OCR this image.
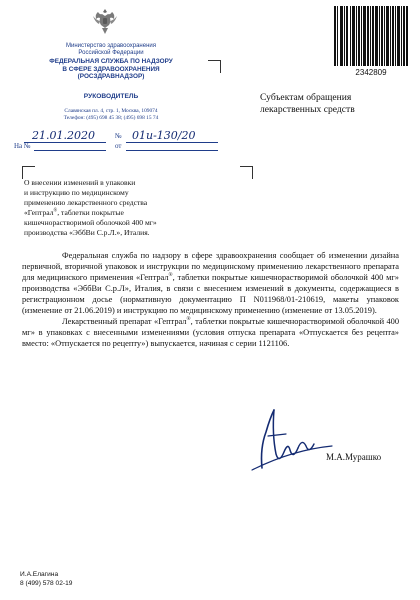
Министерство здравоохранения
Российской Федерации
ФЕДЕРАЛЬНАЯ СЛУЖБА ПО НАДЗОРУ
В СФЕРЕ ЗДРАВООХРАНЕНИЯ
(РОСЗДРАВНАДЗОР)
РУКОВОДИТЕЛЬ
Славянская пл. 4, стр. 1, Москва, 109074
Телефон: (495) 698 45 38; (495) 698 15 74
21.01.2020	№ 01и-130/20
На №	от
2342809
Субъектам обращения
лекарственных средств
О внесении изменений в упаковки
и инструкцию по медицинскому
применению лекарственного средства
«Гептрал®, таблетки покрытые
кишечнорастворимой оболочкой 400 мг»
производства «ЭббВи С.р.Л.», Италия.

Федеральная служба по надзору в сфере здравоохранения сообщает об изменении дизайна первичной, вторичной упаковок и инструкции по медицинскому применению лекарственного препарата для медицинского применения «Гептрал®, таблетки покрытые кишечнорастворимой оболочкой 400 мг» производства «ЭббВи С.р.Л», Италия, в связи с внесением изменений в документы, содержащиеся в регистрационном досье (нормативную документацию П N011968/01-210619, макеты упаковок (изменение от 21.06.2019) и инструкцию по медицинскому применению (изменение от 13.05.2019).

Лекарственный препарат «Гептрал®, таблетки покрытые кишечнорастворимой оболочкой 400 мг» в упаковках с внесенными изменениями (условия отпуска препарата «Отпускается без рецепта» вместо: «Отпускается по рецепту») выпускается, начиная с серии 1121106.

М.А.Мурашко
И.А.Елагина
8 (499) 578 02-19
